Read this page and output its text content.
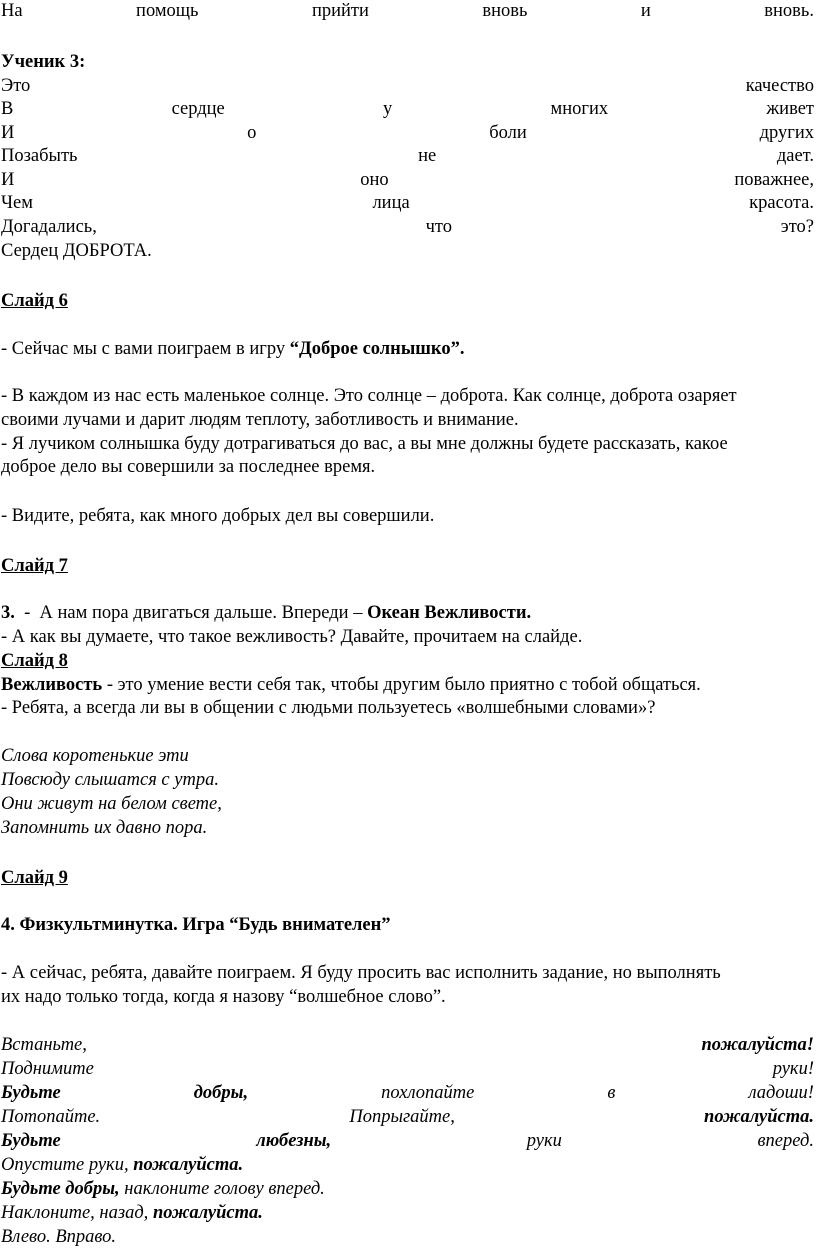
На	помощь	прийти	вновь	и	вновь.
Ученик 3:
Это	качество
В	сердце	у	многих	живет
И	о	боли	других
Позабыть	не	дает.
И	оно	поважнее,
Чем	лица	красота.
Догадались,	что	это?
Сердец ДОБРОТА.
Слайд 6
- Сейчас мы с вами поиграем в игру “Доброе солнышко”.
- В каждом из нас есть маленькое солнце. Это солнце – доброта. Как солнце, доброта озаряет
своими лучами и дарит людям теплоту, заботливость и внимание.
- Я лучиком солнышка буду дотрагиваться до вас, а вы мне должны будете рассказать, какое
доброе дело вы совершили за последнее время.
- Видите, ребята, как много добрых дел вы совершили.
Слайд 7
3.  -  А нам пора двигаться дальше. Впереди – Океан Вежливости.
- А как вы думаете, что такое вежливость? Давайте, прочитаем на слайде.
Слайд 8
Вежливость - это умение вести себя так, чтобы другим было приятно с тобой общаться.
- Ребята, а всегда ли вы в общении с людьми пользуетесь «волшебными словами»?
Слова коротенькие эти
Повсюду слышатся с утра.
Они живут на белом свете,
Запомнить их давно пора.
Слайд 9
4. Физкультминутка. Игра “Будь внимателен”
- А сейчас, ребята, давайте поиграем. Я буду просить вас исполнить задание, но выполнять
их надо только тогда, когда я назову “волшебное слово”.
Встаньте,	пожалуйста!
Поднимите	руки!
Будьте	добры,	похлопайте	в	ладоши!
Потопайте.	Попрыгайте,	пожалуйста.
Будьте	любезны,	руки	вперед.
Опустите руки, пожалуйста.
Будьте добры, наклоните голову вперед.
Наклоните, назад, пожалуйста.
Влево. Вправо.
